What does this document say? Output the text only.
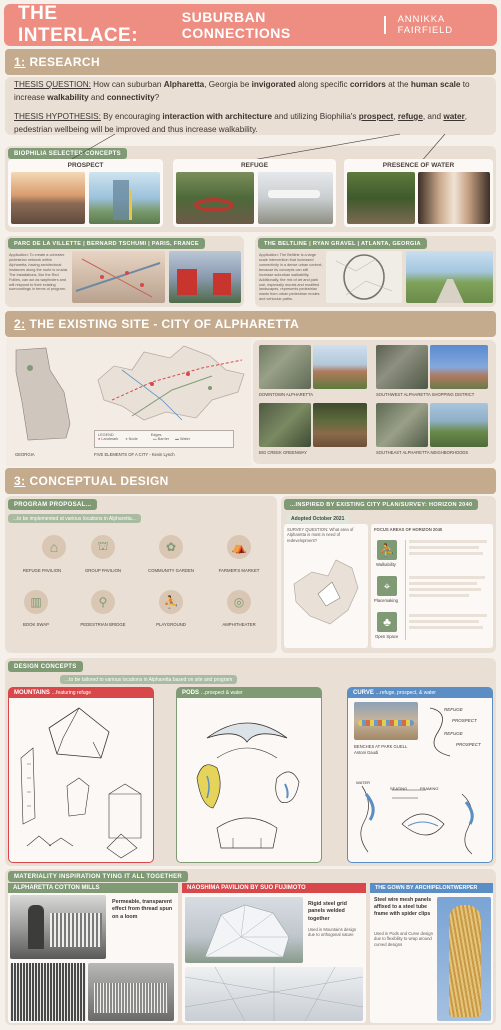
THE INTERLACE:
SUBURBAN CONNECTIONS
ANNIKKA FAIRFIELD
1: RESEARCH
THESIS QUESTION: How can suburban Alpharetta, Georgia be invigorated along specific corridors at the human scale to increase walkability and connectivity?
THESIS HYPOTHESIS: By encouraging interaction with architecture and utilizing Biophilia's prospect, refuge, and water, pedestrian wellbeing will be improved and thus increase walkability.
BIOPHILIA SELECTED CONCEPTS
PROSPECT	REFUGE	PRESENCE OF WATER
PARC DE LA VILLETTE | BERNARD TSCHUMI | PARIS, FRANCE
Application: To create a cohesive pedestrian network within Alpharetta, having architectural instances along the route is crucial. The installations, like the Red Follies, can act as wayfinders and will respond to their existing surroundings in terms of program.
THE BELTLINE | RYAN GRAVEL | ATLANTA, GEORGIA
Application: The Beltline is a large scale intervention that increased connectivity in a dense urban context, because its concepts can still increase suburban walkability. Additionally, the mix of art and park use, especially murals and modified landscapes, represents pedestrian wants from urban pedestrian modes and vehicular paths.
2: THE EXISTING SITE - CITY OF ALPHARETTA
GEORGIA
LEGEND	Edges
● Landmark ● Node	▬ Barrier ▬ Water
FIVE ELEMENTS OF A CITY - Kevin Lynch
DOWNTOWN ALPHARETTA	SOUTHWEST ALPHARETTA SHOPPING DISTRICT
BIG CREEK GREENWAY	SOUTHEAST ALPHARETTA NEIGHBORHOODS
3: CONCEPTUAL DESIGN
PROGRAM PROPOSAL...
...to be implemented at various locations in Alpharetta...
⌂
REFUGE PAVILION
⛫
GROUP PAVILION
✿
COMMUNITY GARDEN
⛺
FARMER'S MARKET
▥
BOOK SWAP
⚲
PEDESTRIAN BRIDGE
⛹
PLAYGROUND
◎
AMPHITHEATER
...INSPIRED BY EXISTING CITY PLAN/SURVEY: HORIZON 2040
Adopted October 2021
SURVEY QUESTION: What area of Alpharetta is most in need of redevelopment?
FOCUS AREAS OF HORIZON 2040
⛹
Walkability
⌖
Placemaking
♣
Open Space
DESIGN CONCEPTS
...to be tailored to various locations in Alpharetta based on site and program
MOUNTAINS ...featuring refuge	PODS ...prospect & water	CURVE ...refuge, prospect, & water
BENCHES AT PARK GUELL
Antoni Gaudi
REFUGE
PROSPECT
REFUGE
PROSPECT
WATER
SEATING	FRAMING
MATERIALITY INSPIRATION TYING IT ALL TOGETHER
ALPHARETTA COTTON MILLS
Permeable, transparent effect from thread spun on a loom
NAOSHIMA PAVILION BY SUO FUJIMOTO
Rigid steel grid panels welded together
Used in Mountains design due to orthogonal nature
THE GOWN BY ARCHIPELONTWERPER
Steel wire mesh panels affixed to a steel tube frame with spider clips
Used in Pods and Curve design due to flexibility to wrap around curved designs
